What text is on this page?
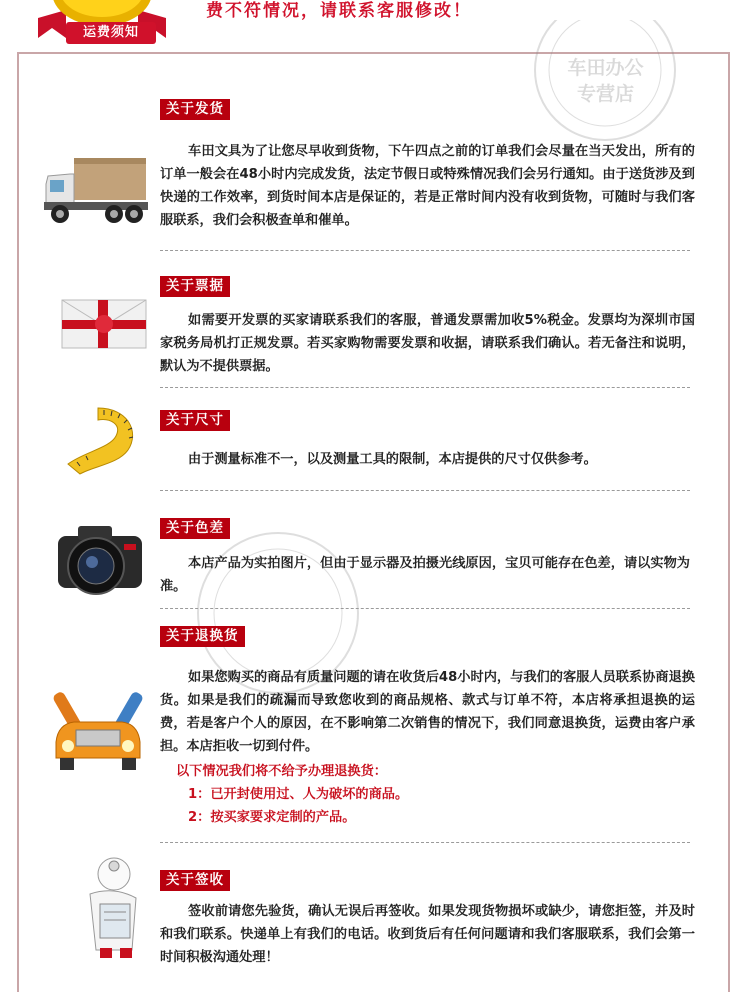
运费须知
费不符情况，请联系客服修改！
车田办公
专营店
关于发货

车田文具为了让您尽早收到货物，下午四点之前的订单我们会尽量在当天发出，所有的订单一般会在48小时内完成发货，法定节假日或特殊情况我们会另行通知。由于送货涉及到快递的工作效率，到货时间本店是保证的，若是正常时间内没有收到货物，可随时与我们客服联系，我们会积极查单和催单。

关于票据

如需要开发票的买家请联系我们的客服，普通发票需加收5%税金。发票均为深圳市国家税务局机打正规发票。若买家购物需要发票和收据，请联系我们确认。若无备注和说明，默认为不提供票据。

关于尺寸

由于测量标准不一，以及测量工具的限制，本店提供的尺寸仅供参考。

关于色差

本店产品为实拍图片，但由于显示器及拍摄光线原因，宝贝可能存在色差，请以实物为准。

关于退换货

如果您购买的商品有质量问题的请在收货后48小时内，与我们的客服人员联系协商退换货。如果是我们的疏漏而导致您收到的商品规格、款式与订单不符，本店将承担退换的运费，若是客户个人的原因，在不影响第二次销售的情况下，我们同意退换货，运费由客户承担。本店拒收一切到付件。

以下情况我们将不给予办理退换货：
1：已开封使用过、人为破坏的商品。
2：按买家要求定制的产品。
关于签收

签收前请您先验货，确认无误后再签收。如果发现货物损坏或缺少，请您拒签，并及时和我们联系。快递单上有我们的电话。收到货后有任何问题请和我们客服联系，我们会第一时间积极沟通处理！
